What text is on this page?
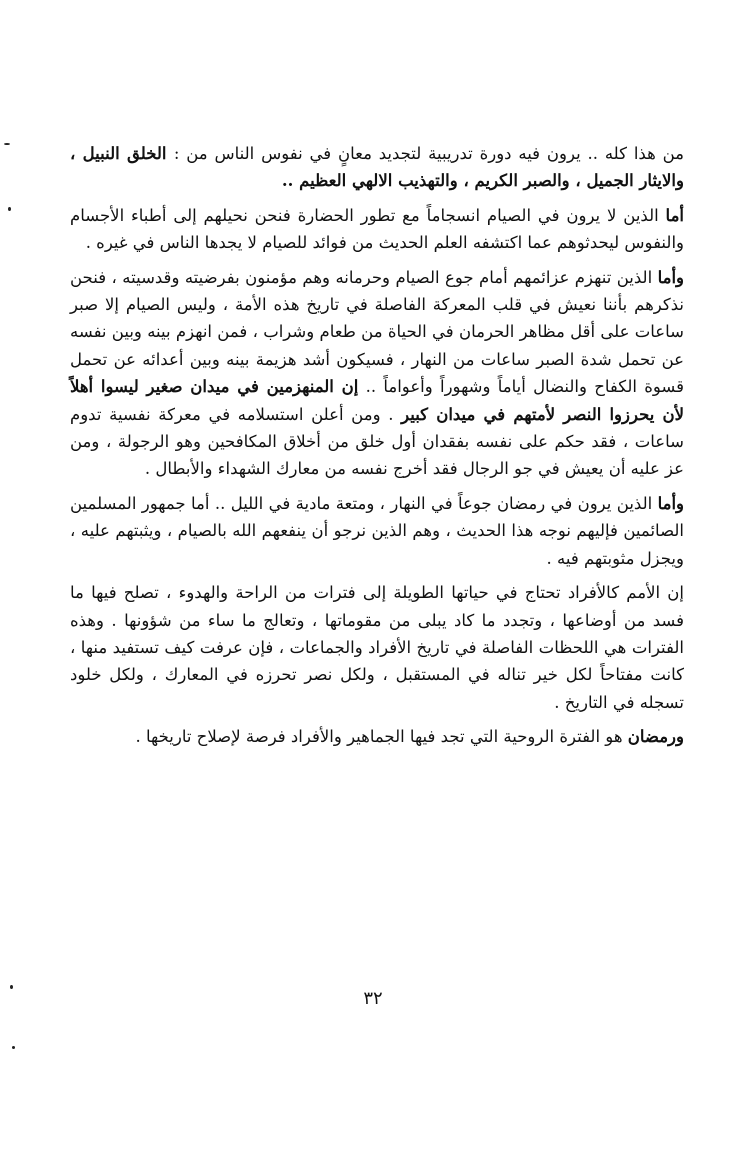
من هذا كله .. يرون فيه دورة تدريبية لتجديد معانٍ في نفوس الناس من : الخلق النبيل ، والايثار الجميل ، والصبر الكريم ، والتهذيب الالهي العظيم ..

أما الذين لا يرون في الصيام انسجاماً مع تطور الحضارة فنحن نحيلهم إلى أطباء الأجسام والنفوس ليحدثوهم عما اكتشفه العلم الحديث من فوائد للصيام لا يجدها الناس في غيره .

وأما الذين تنهزم عزائمهم أمام جوع الصيام وحرمانه وهم مؤمنون بفرضيته وقدسيته ، فنحن نذكرهم بأننا نعيش في قلب المعركة الفاصلة في تاريخ هذه الأمة ، وليس الصيام إلا صبر ساعات على أقل مظاهر الحرمان في الحياة من طعام وشراب ، فمن انهزم بينه وبين نفسه عن تحمل شدة الصبر ساعات من النهار ، فسيكون أشد هزيمة بينه وبين أعدائه عن تحمل قسوة الكفاح والنضال أياماً وشهوراً وأعواماً .. إن المنهزمين في ميدان صغير ليسوا أهلاً لأن يحرزوا النصر لأمتهم في ميدان كبير . ومن أعلن استسلامه في معركة نفسية تدوم ساعات ، فقد حكم على نفسه بفقدان أول خلق من أخلاق المكافحين وهو الرجولة ، ومن عز عليه أن يعيش في جو الرجال فقد أخرج نفسه من معارك الشهداء والأبطال .

وأما الذين يرون في رمضان جوعاً في النهار ، ومتعة مادية في الليل .. أما جمهور المسلمين الصائمين فإليهم نوجه هذا الحديث ، وهم الذين نرجو أن ينفعهم الله بالصيام ، ويثبتهم عليه ، ويجزل مثوبتهم فيه .

إن الأمم كالأفراد تحتاج في حياتها الطويلة إلى فترات من الراحة والهدوء ، تصلح فيها ما فسد من أوضاعها ، وتجدد ما كاد يبلى من مقوماتها ، وتعالج ما ساء من شؤونها . وهذه الفترات هي اللحظات الفاصلة في تاريخ الأفراد والجماعات ، فإن عرفت كيف تستفيد منها ، كانت مفتاحاً لكل خير تناله في المستقبل ، ولكل نصر تحرزه في المعارك ، ولكل خلود تسجله في التاريخ .

ورمضان هو الفترة الروحية التي تجد فيها الجماهير والأفراد فرصة لإصلاح تاريخها .

٣٢
